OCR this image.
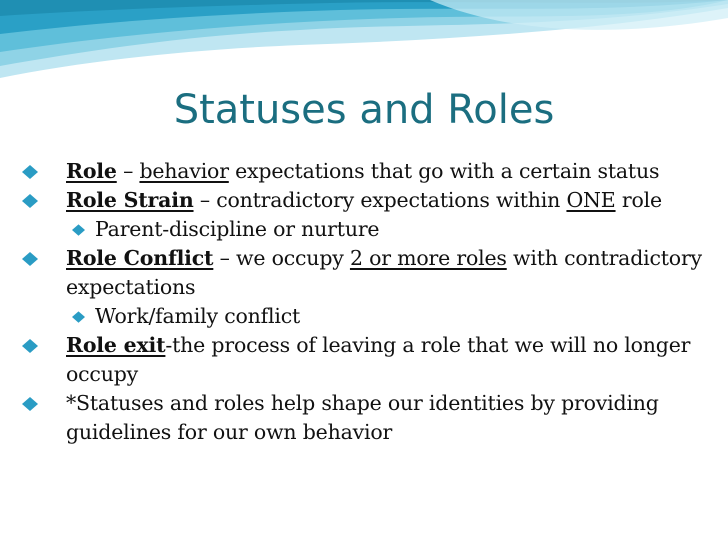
Statuses and Roles

Role – behavior expectations that go with a certain status

Role Strain – contradictory expectations within ONE role

Parent-discipline or nurture

Role Conflict – we occupy 2 or more roles with contradictory expectations

Work/family conflict

Role exit-the process of leaving a role that we will no longer occupy

*Statuses and roles help shape our identities by providing guidelines for our own behavior
